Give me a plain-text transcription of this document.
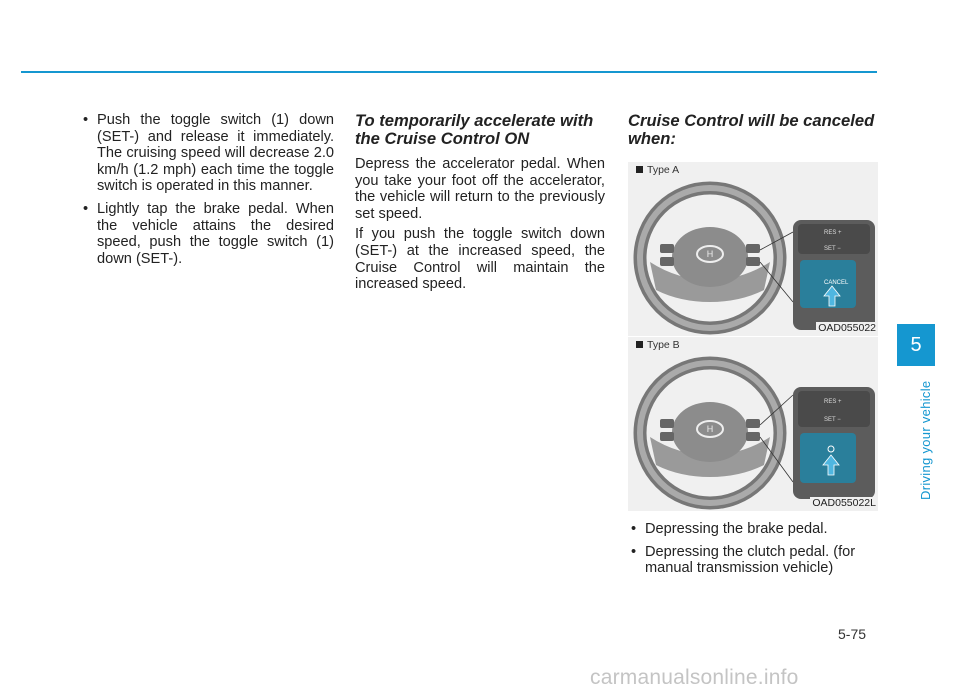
• Push the toggle switch (1) down (SET-) and release it immediately. The cruising speed will decrease 2.0 km/h (1.2 mph) each time the toggle switch is operated in this manner.
• Lightly tap the brake pedal. When the vehicle attains the desired speed, push the toggle switch (1) down (SET-).
To temporarily accelerate with the Cruise Control ON

Depress the accelerator pedal. When you take your foot off the accelerator, the vehicle will return to the previously set speed.

If you push the toggle switch down (SET-) at the increased speed, the Cruise Control will maintain the increased speed.

Cruise Control will be canceled when:
H
RES +
SET −
CANCEL
Type A
OAD055022
H
RES +
SET −
Type B
OAD055022L
• Depressing the brake pedal.
• Depressing the clutch pedal. (for manual transmission vehicle)
5
Driving your vehicle
5-75
carmanualsonline.info
